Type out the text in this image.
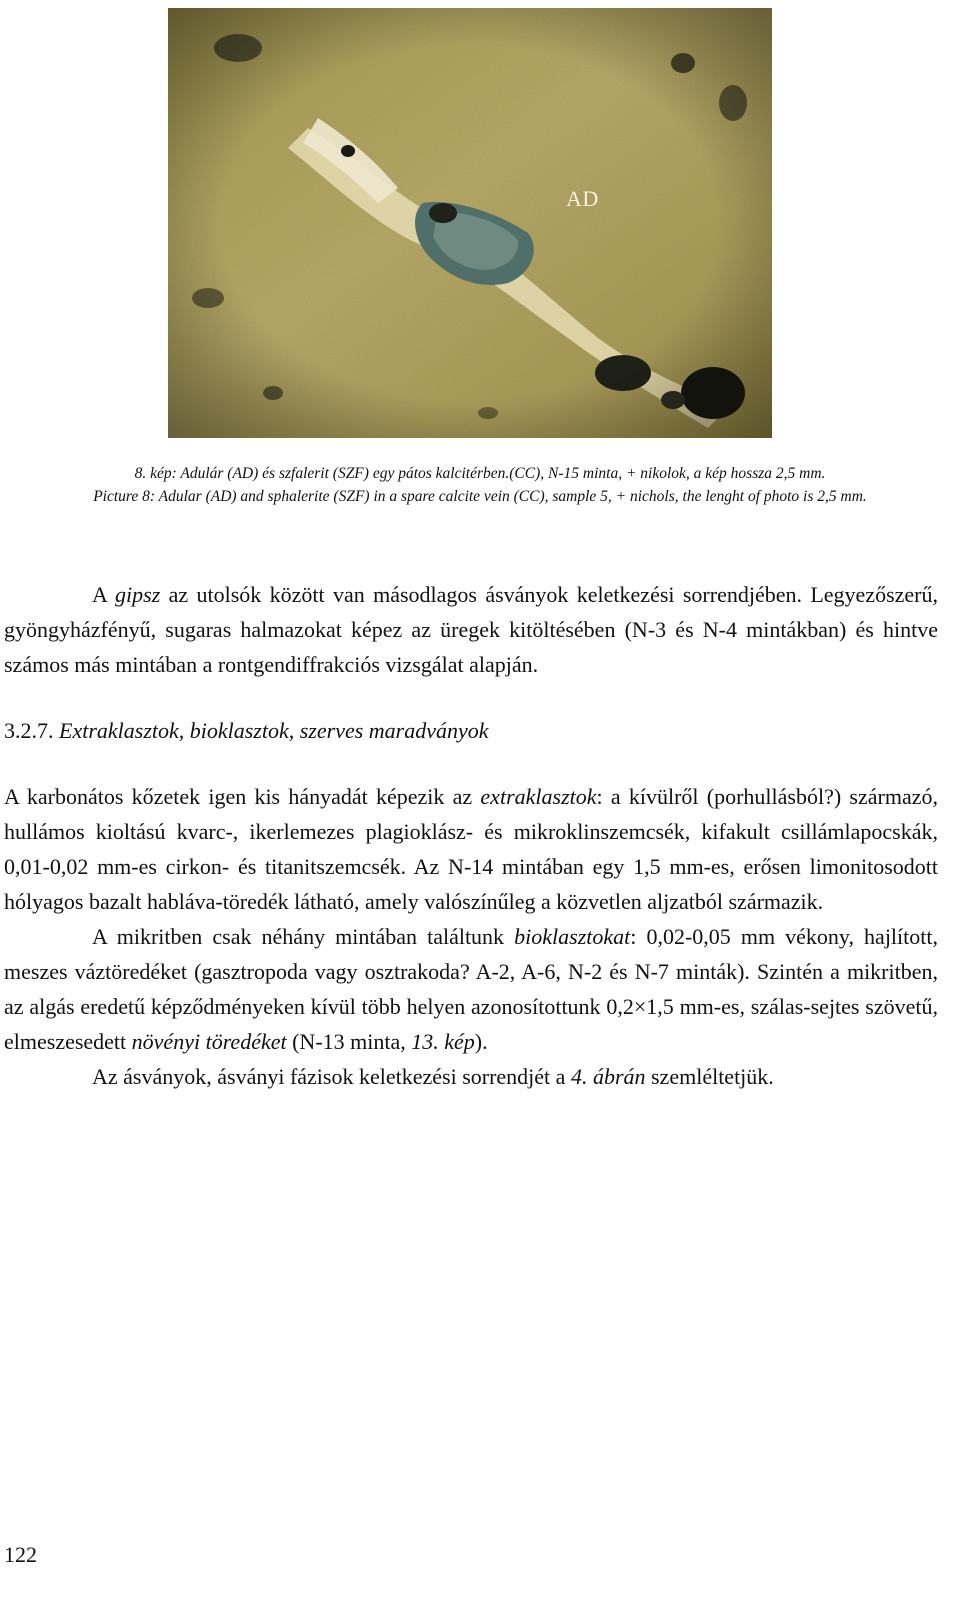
AD

8. kép: Adulár (AD) és szfalerit (SZF) egy pátos kalcitérben.(CC), N-15 minta, + nikolok, a kép hossza 2,5 mm.

Picture 8: Adular (AD) and sphalerite (SZF) in a spare calcite vein (CC), sample 5, + nichols, the lenght of photo is 2,5 mm.

A gipsz az utolsók között van másodlagos ásványok keletkezési sorrendjében. Legyezőszerű, gyöngyházfényű, sugaras halmazokat képez az üregek kitöltésében (N-3 és N-4 mintákban) és hintve számos más mintában a rontgendiffrakciós vizsgálat alapján.

3.2.7. Extraklasztok, bioklasztok, szerves maradványok

A karbonátos kőzetek igen kis hányadát képezik az extraklasztok: a kívülről (porhullásból?) származó, hullámos kioltású kvarc-, ikerlemezes plagioklász- és mikroklinszemcsék, kifakult csillámlapocskák, 0,01-0,02 mm-es cirkon- és titanitszemcsék. Az N-14 mintában egy 1,5 mm-es, erősen limonitosodott hólyagos bazalt habláva-töredék látható, amely valószínűleg a közvetlen aljzatból származik.

A mikritben csak néhány mintában találtunk bioklasztokat: 0,02-0,05 mm vékony, hajlított, meszes váztöredéket (gasztropoda vagy osztrakoda? A-2, A-6, N-2 és N-7 minták). Szintén a mikritben, az algás eredetű képződményeken kívül több helyen azonosítottunk 0,2×1,5 mm-es, szálas-sejtes szövetű, elmeszesedett növényi töredéket (N-13 minta, 13. kép).

Az ásványok, ásványi fázisok keletkezési sorrendjét a 4. ábrán szemléltetjük.

122
